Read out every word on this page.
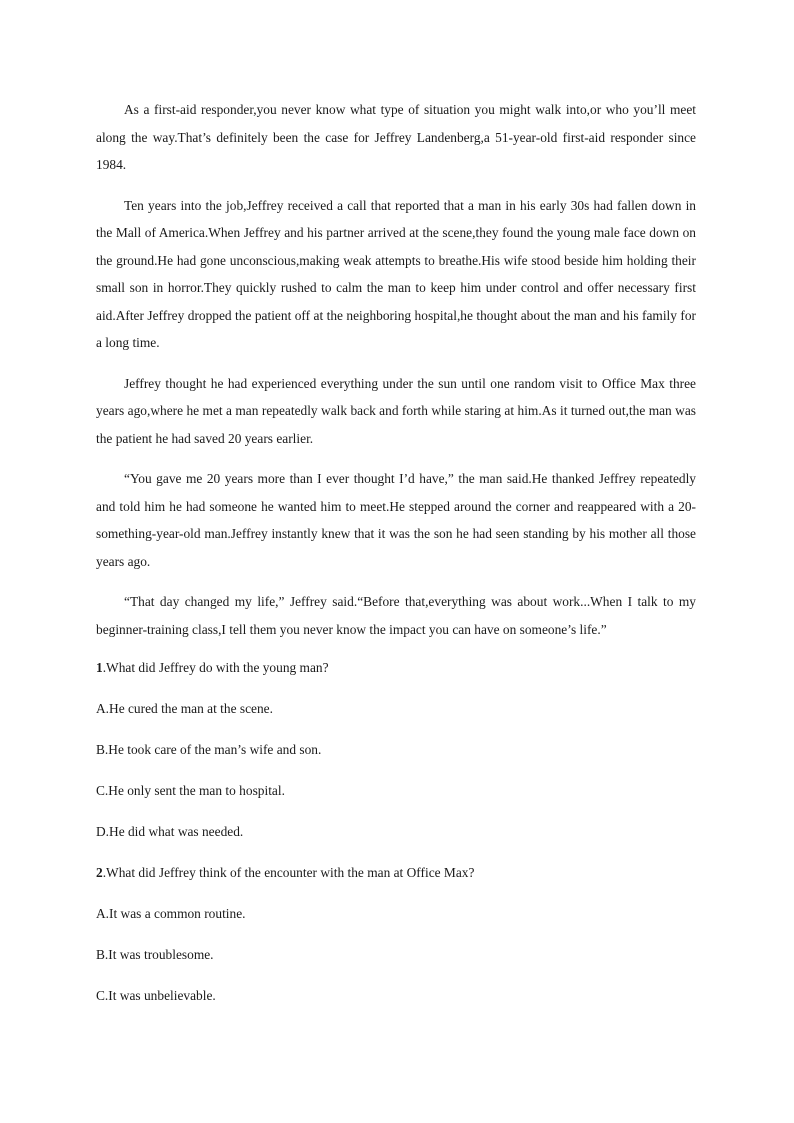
As a first-aid responder,you never know what type of situation you might walk into,or who you’ll meet along the way.That’s definitely been the case for Jeffrey Landenberg,a 51-year-old first-aid responder since 1984.

Ten years into the job,Jeffrey received a call that reported that a man in his early 30s had fallen down in the Mall of America.When Jeffrey and his partner arrived at the scene,they found the young male face down on the ground.He had gone unconscious,making weak attempts to breathe.His wife stood beside him holding their small son in horror.They quickly rushed to calm the man to keep him under control and offer necessary first aid.After Jeffrey dropped the patient off at the neighboring hospital,he thought about the man and his family for a long time.

Jeffrey thought he had experienced everything under the sun until one random visit to Office Max three years ago,where he met a man repeatedly walk back and forth while staring at him.As it turned out,the man was the patient he had saved 20 years earlier.

“You gave me 20 years more than I ever thought I’d have,” the man said.He thanked Jeffrey repeatedly and told him he had someone he wanted him to meet.He stepped around the corner and reappeared with a 20-something-year-old man.Jeffrey instantly knew that it was the son he had seen standing by his mother all those years ago.

“That day changed my life,” Jeffrey said.“Before that,everything was about work...When I talk to my beginner-training class,I tell them you never know the impact you can have on someone’s life.”

1.What did Jeffrey do with the young man?

A.He cured the man at the scene.

B.He took care of the man’s wife and son.

C.He only sent the man to hospital.

D.He did what was needed.

2.What did Jeffrey think of the encounter with the man at Office Max?

A.It was a common routine.

B.It was troublesome.

C.It was unbelievable.
